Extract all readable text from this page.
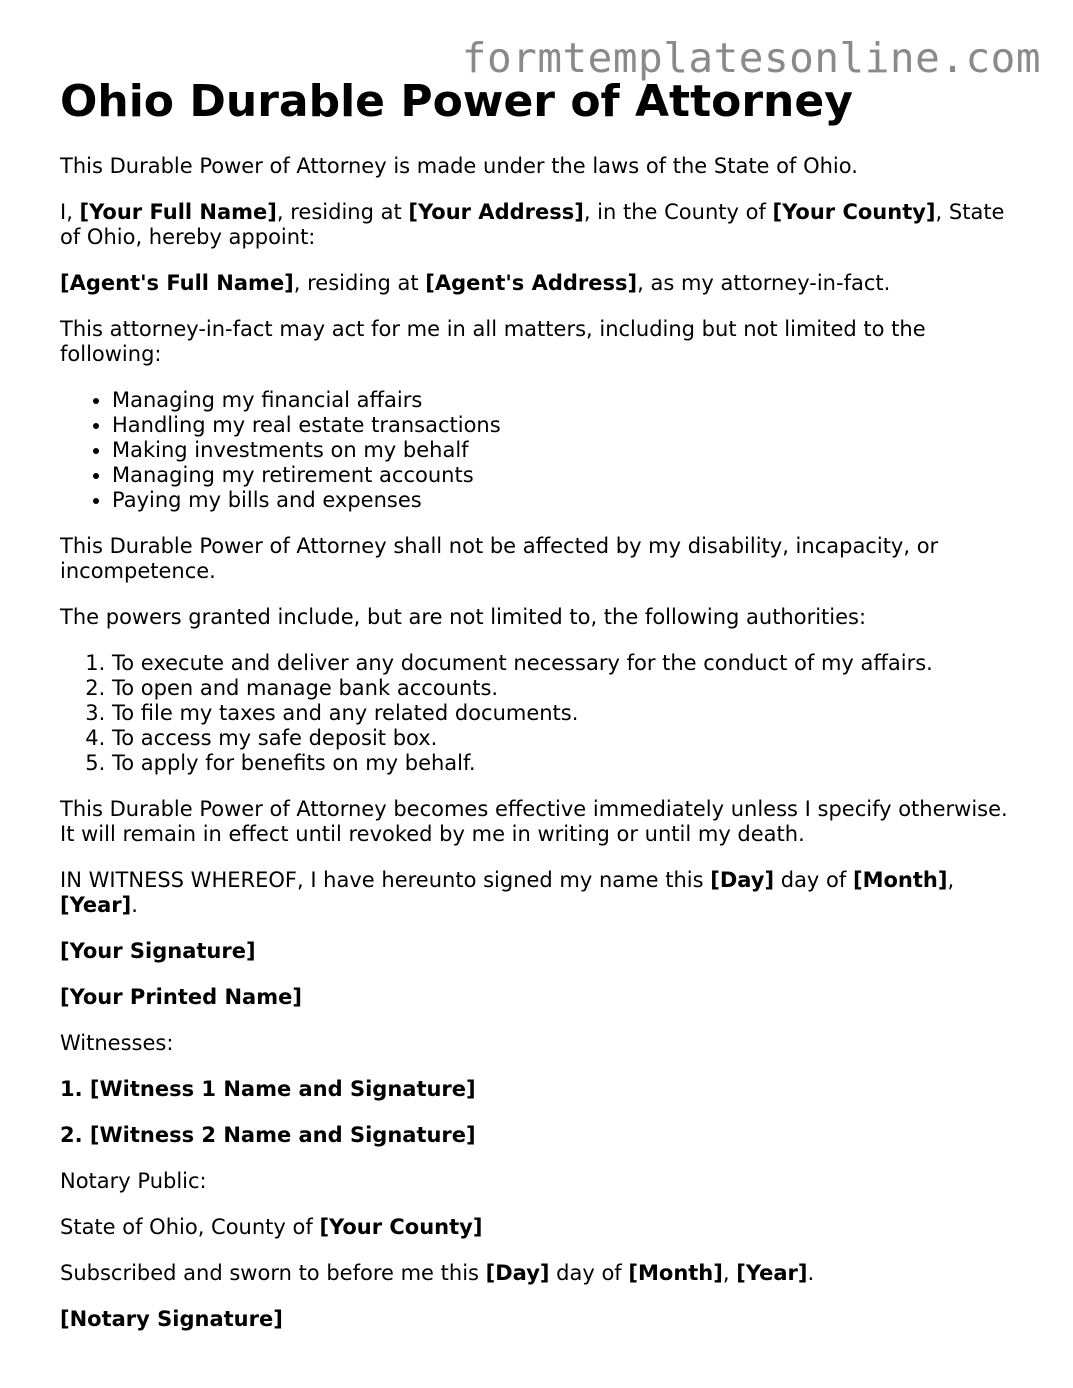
formtemplatesonline.com
Ohio Durable Power of Attorney

This Durable Power of Attorney is made under the laws of the State of Ohio.

I, [Your Full Name], residing at [Your Address], in the County of [Your County], State of Ohio, hereby appoint:

[Agent's Full Name], residing at [Agent's Address], as my attorney-in-fact.

This attorney-in-fact may act for me in all matters, including but not limited to the following:

• Managing my financial affairs
• Handling my real estate transactions
• Making investments on my behalf
• Managing my retirement accounts
• Paying my bills and expenses

This Durable Power of Attorney shall not be affected by my disability, incapacity, or incompetence.

The powers granted include, but are not limited to, the following authorities:

1. To execute and deliver any document necessary for the conduct of my affairs.
2. To open and manage bank accounts.
3. To file my taxes and any related documents.
4. To access my safe deposit box.
5. To apply for benefits on my behalf.

This Durable Power of Attorney becomes effective immediately unless I specify otherwise. It will remain in effect until revoked by me in writing or until my death.

IN WITNESS WHEREOF, I have hereunto signed my name this [Day] day of [Month], [Year].

[Your Signature]

[Your Printed Name]

Witnesses:

1. [Witness 1 Name and Signature]

2. [Witness 2 Name and Signature]

Notary Public:

State of Ohio, County of [Your County]

Subscribed and sworn to before me this [Day] day of [Month], [Year].

[Notary Signature]
